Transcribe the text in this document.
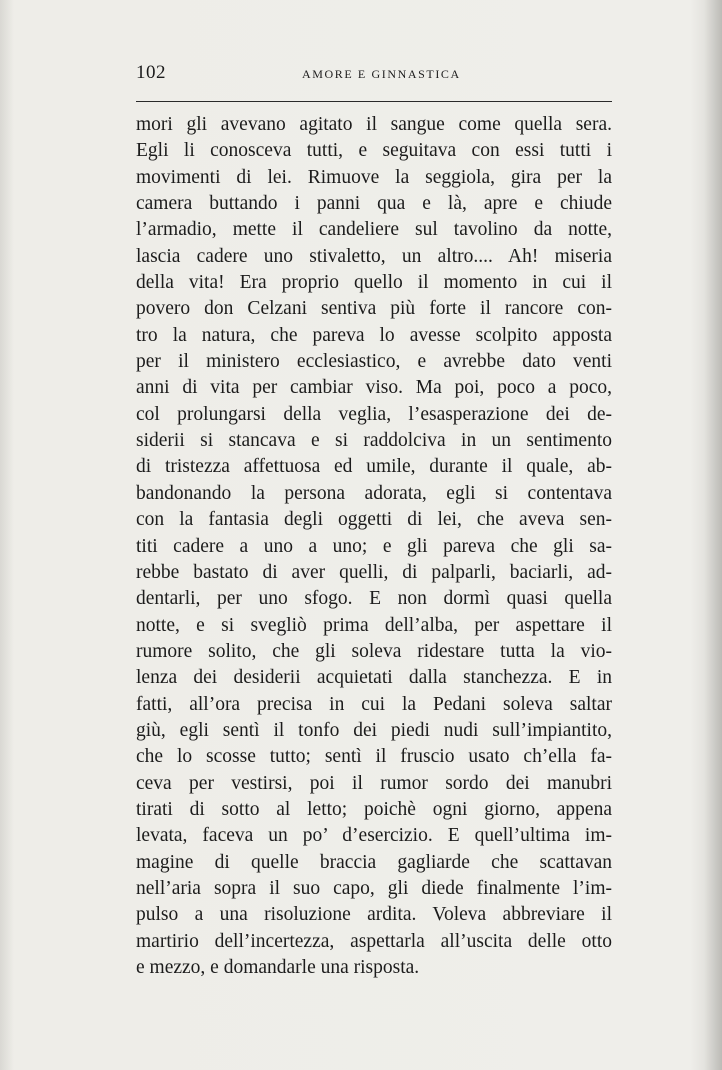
102	AMORE E GINNASTICA
mori gli avevano agitato il sangue come quella sera.
Egli li conosceva tutti, e seguitava con essi tutti i
movimenti di lei. Rimuove la seggiola, gira per la
camera buttando i panni qua e là, apre e chiude
l’armadio, mette il candeliere sul tavolino da notte,
lascia cadere uno stivaletto, un altro.... Ah! miseria
della vita! Era proprio quello il momento in cui il
povero don Celzani sentiva più forte il rancore con-
tro la natura, che pareva lo avesse scolpito apposta
per il ministero ecclesiastico, e avrebbe dato venti
anni di vita per cambiar viso. Ma poi, poco a poco,
col prolungarsi della veglia, l’esasperazione dei de-
siderii si stancava e si raddolciva in un sentimento
di tristezza affettuosa ed umile, durante il quale, ab-
bandonando la persona adorata, egli si contentava
con la fantasia degli oggetti di lei, che aveva sen-
titi cadere a uno a uno; e gli pareva che gli sa-
rebbe bastato di aver quelli, di palparli, baciarli, ad-
dentarli, per uno sfogo. E non dormì quasi quella
notte, e si svegliò prima dell’alba, per aspettare il
rumore solito, che gli soleva ridestare tutta la vio-
lenza dei desiderii acquietati dalla stanchezza. E in
fatti, all’ora precisa in cui la Pedani soleva saltar
giù, egli sentì il tonfo dei piedi nudi sull’impiantito,
che lo scosse tutto; sentì il fruscio usato ch’ella fa-
ceva per vestirsi, poi il rumor sordo dei manubri
tirati di sotto al letto; poichè ogni giorno, appena
levata, faceva un po’ d’esercizio. E quell’ultima im-
magine di quelle braccia gagliarde che scattavan
nell’aria sopra il suo capo, gli diede finalmente l’im-
pulso a una risoluzione ardita. Voleva abbreviare il
martirio dell’incertezza, aspettarla all’uscita delle otto
e mezzo, e domandarle una risposta.
